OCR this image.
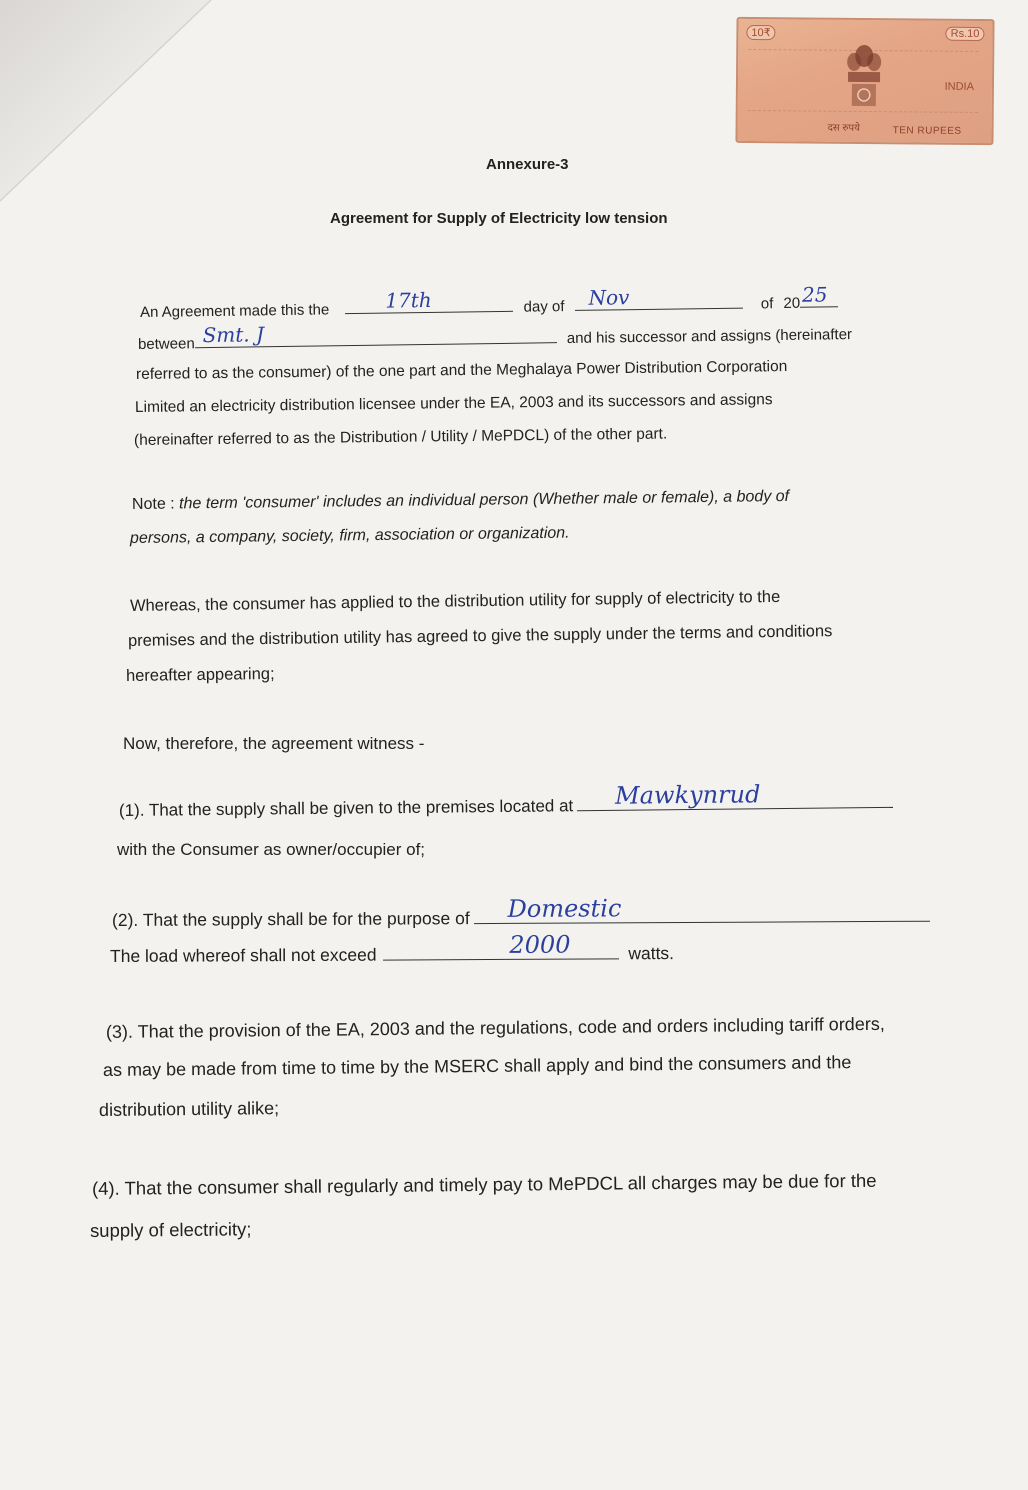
10₹	Rs.10
INDIA
दस रुपये	TEN RUPEES
Annexure-3
Agreement for Supply of Electricity low tension
An Agreement made this the	17th	day of Nov	of 20 25
between Smt. J	and his successor and assigns (hereinafter
referred to as the consumer) of the one part and the Meghalaya Power Distribution Corporation
Limited an electricity distribution licensee under the EA, 2003 and its successors and assigns
(hereinafter referred to as the Distribution / Utility / MePDCL) of the other part.
Note : the term 'consumer' includes an individual person (Whether male or female), a body of
persons, a company, society, firm, association or organization.
Whereas, the consumer has applied to the distribution utility for supply of electricity to the
premises and the distribution utility has agreed to give the supply under the terms and conditions
hereafter appearing;
Now, therefore, the agreement witness -
(1). That the supply shall be given to the premises located at Mawkynrud
with the Consumer as owner/occupier of;
(2). That the supply shall be for the purpose of Domestic
The load whereof shall not exceed	2000	watts.
(3). That the provision of the EA, 2003 and the regulations, code and orders including tariff orders,
as may be made from time to time by the MSERC shall apply and bind the consumers and the
distribution utility alike;
(4). That the consumer shall regularly and timely pay to MePDCL all charges may be due for the
supply of electricity;
